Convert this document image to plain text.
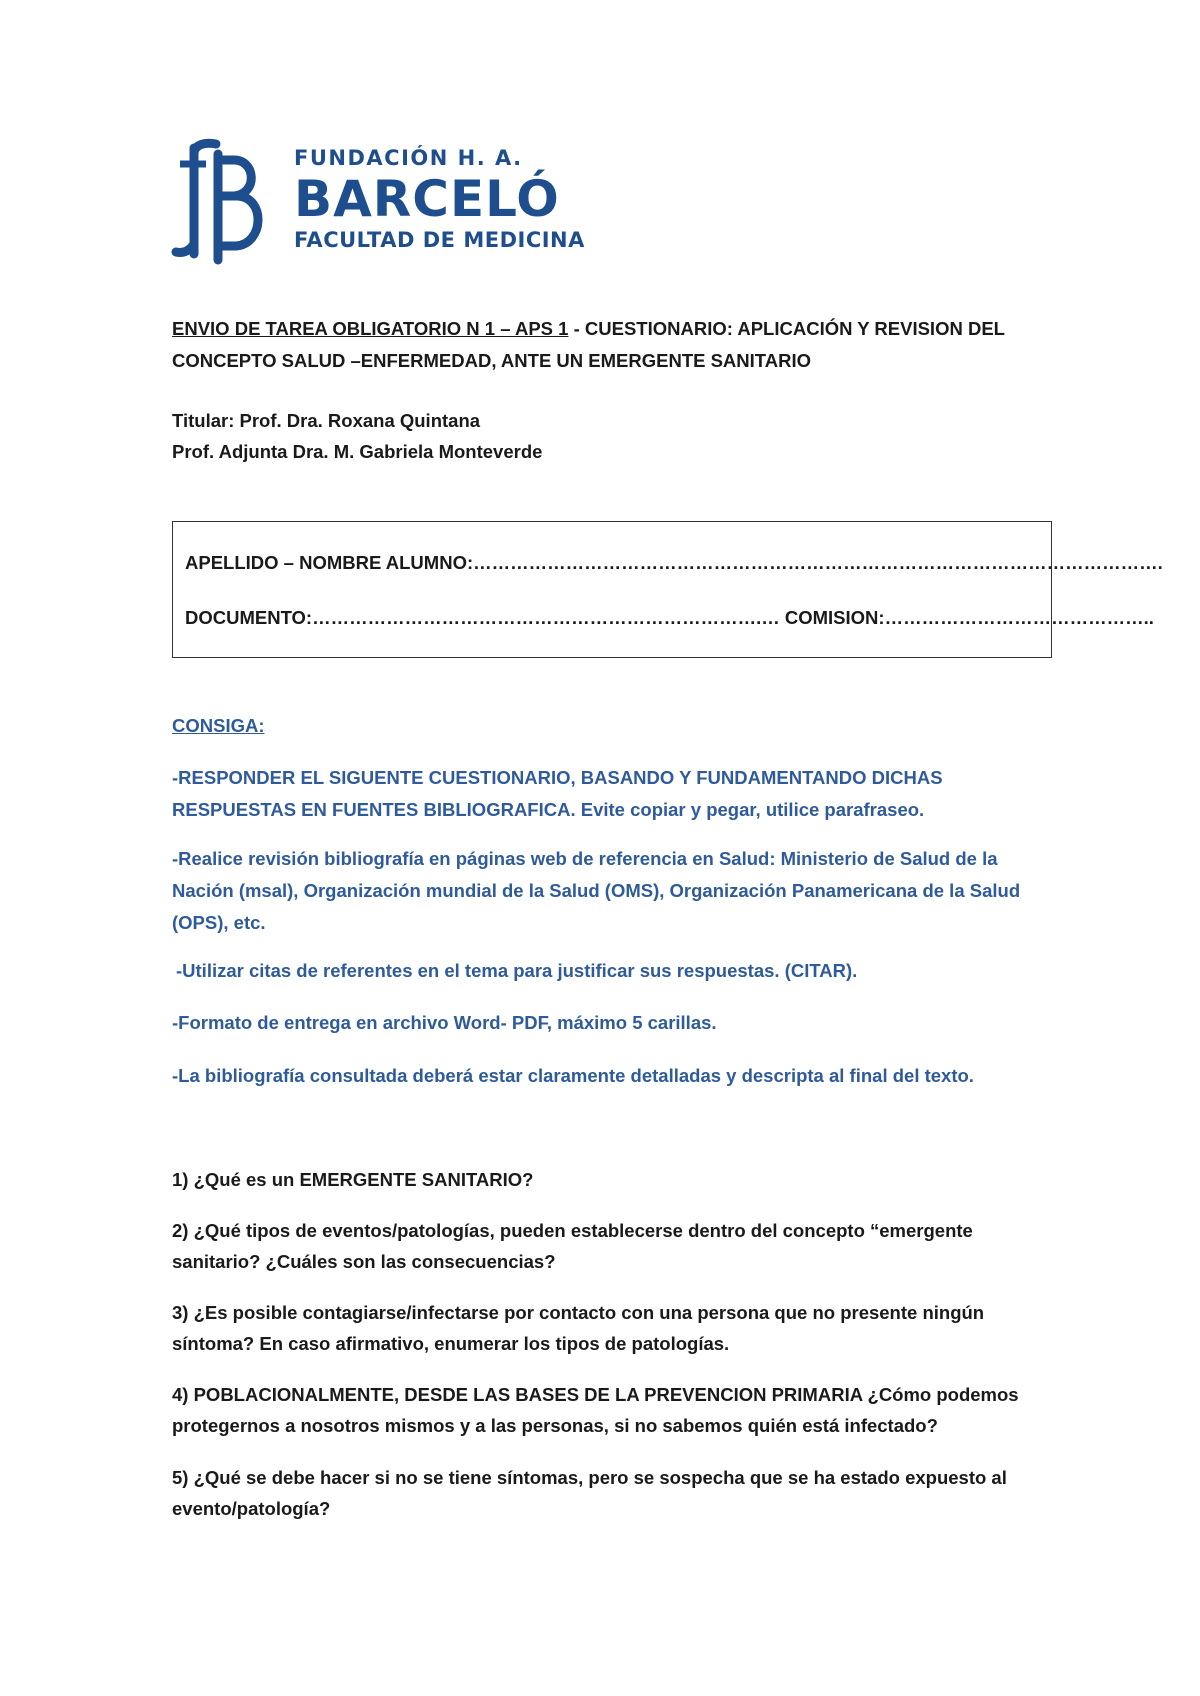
FUNDACIÓN H. A.
BARCELÓ
FACULTAD DE MEDICINA
ENVIO DE TAREA OBLIGATORIO N 1 – APS 1 - CUESTIONARIO: APLICACIÓN Y REVISION DEL
CONCEPTO SALUD –ENFERMEDAD, ANTE UN EMERGENTE SANITARIO
Titular: Prof. Dra. Roxana Quintana
Prof. Adjunta Dra. M. Gabriela Monteverde
APELLIDO – NOMBRE ALUMNO:………………………………………………………………………………………………….
DOCUMENTO:……………………………………………………………….… COMISION:……………………………………..
CONSIGA:
-RESPONDER EL SIGUENTE CUESTIONARIO, BASANDO Y FUNDAMENTANDO DICHAS RESPUESTAS EN FUENTES BIBLIOGRAFICA. Evite copiar y pegar, utilice parafraseo.
-Realice revisión bibliografía en páginas web de referencia en Salud: Ministerio de Salud de la Nación (msal), Organización mundial de la Salud (OMS), Organización Panamericana de la Salud (OPS), etc.
-Utilizar citas de referentes en el tema para justificar sus respuestas. (CITAR).
-Formato de entrega en archivo Word- PDF, máximo 5 carillas.
-La bibliografía consultada deberá estar claramente detalladas y descripta al final del texto.
1) ¿Qué es un EMERGENTE SANITARIO?
2) ¿Qué tipos de eventos/patologías, pueden establecerse dentro del concepto “emergente sanitario? ¿Cuáles son las consecuencias?
3) ¿Es posible contagiarse/infectarse por contacto con una persona que no presente ningún síntoma? En caso afirmativo, enumerar los tipos de patologías.
4) POBLACIONALMENTE, DESDE LAS BASES DE LA PREVENCION PRIMARIA ¿Cómo podemos protegernos a nosotros mismos y a las personas, si no sabemos quién está infectado?
5) ¿Qué se debe hacer si no se tiene síntomas, pero se sospecha que se ha estado expuesto al evento/patología?
